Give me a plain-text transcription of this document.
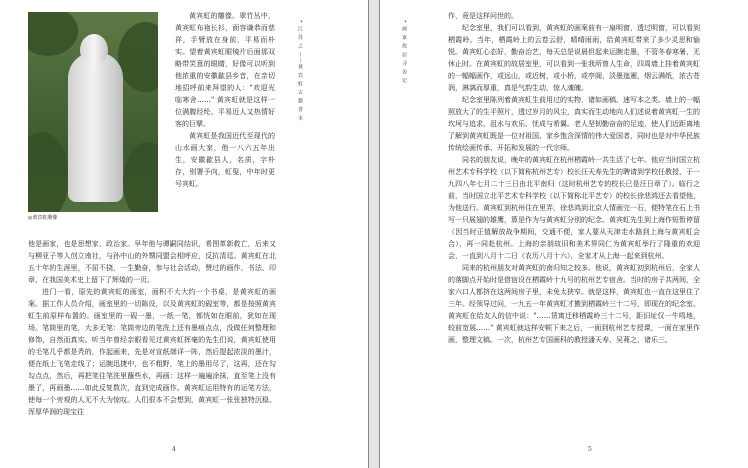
◎黄宾虹雕像

黄宾虹的雕像。翠竹丛中，黄宾虹布袍长衫，面容谦恭而慈祥，手臂放在身前，平易而朴实。望着黄宾虹眼镜片后面那双略带笑意的眼睛，好像可以听到他浓重的安徽歙县乡音，在亲切地招呼前来拜望的人："欢迎光临寒舍……" 黄宾虹就是这样一位满腹经纶、平易近人又热情好客的巨擘。

黄宾虹是我国近代至现代的山水画大家，他一八六五年出生，安徽歙县人，名质，字朴存，别署予向，虹叟，中年时更号宾虹。

他是画家，也是思想家、政治家。早年他与谭嗣同结识，希图革新救亡，后来又与柳亚子等人创立南社，与孙中山的外甥同盟会相呼应，反抗清廷。黄宾虹在北五十年的生涯里，不屈不挠，一生勤奋，参与社会活动，赞过的画作、书法、印章，在我国美术史上留下了辉煌的一页。

进门一看，原先的黄宾虹的画室，面积不大大约一个书桌，是黄宾虹的画案。据工作人员介绍，画室里的一切陈设，以及黄宾虹的砚室等，都是按照黄宾虹生前原样布置的。画室里的一砚一墨，一纸一笔，都恍如在眼前，犹如在现场。笔筒里的笔，大多无笔：笔筒旁边的笔洗上还有墨痕点点，没做任何整理和修饰，自然而真实。听当年曾经亲眼看见过黄宾虹挥毫的先生们说，黄宾虹使用的毛笔几乎都是秃的，作起画来，先是对宣纸端详一阵，然后提起浓淡的墨汁，便在纸上飞笔走线了；运腕迅捷中，也不粗野，笔上的墨用尽了，这再，还在勾勾点点，然后，再把笔往笔洗里蘸些水，再画：这样一遍遍涂抹，直至笔上没有墨了，再画墨……如此反复数次，直到完成画作。黄宾虹运用特有的运笔方法，使每一个旁观的人无不大为惊叹。人们很本不会想到，黄宾虹一张张独特沉稳、浑厚华润的现宝往

* 江 苏 之 ——黄 宾 虹 古 籍 善 本
4
* 画 家 故 居 寻 访 记

作，竟是这样问世的。

纪念室里，我们可以看到，黄宾虹的画案前有一扇明窗，透过明窗，可以看到栖霞岭。当年，栖霞岭上的云卷云舒，晴晴雨雨，给黄宾虹带来了多少灵思和愉悦。黄宾虹心态好，勤奋治艺，每天总是说晨但起来运腕走墨，不管冬春寒暑，无休止时。在黄宾虹的故居室里，可以看到一张我所曾人生命，四周墙上挂着黄宾虹的一幅幅画作，或远山，或近树，或小桥，或亭阁，淡墨迤逦，烟云满纸，浓古苍润，淋漓而厚重，真是气韵生动，惊人魂魄。

纪念室里陈列着黄宾虹生前用过的实物，诸如画稿、速写本之类。墙上的一幅照放大了的生平照片，透过岁月的风尘，真实而生动地向人们述说着黄宾虹一生的坎坷与追求、沮水与欢乐、忧成与希翼。老人坚韧勤奋奋的足迹，使人们近距离地了解到黄宾虹既是一位对祖国、家乡饱含深情的伟大爱国者，同时也是对中华民族传统绘画传承、开拓和发展的一代宗师。

同名的朋友说，晚年的黄宾虹在杭州栖霞岭一共生活了七年。他应当时国立杭州艺术专科学校（以下简称杭州艺专）校长汪天寿先生的聘请到学校任教授，于一九四八年七月二十三日由北平南归（这时杭州艺专的校长已是汪日章了）。临行之前，当时国立北平艺术专科学校（以下简称北平艺专）的校长徐悲鸿还去看望他，为他送行。黄宾虹到杭州住在里弄，徐悲鸿到北京人情画完一石，便特笔在石上书写一只展翅的雄鹰，算是作为与黄宾虹分别的纪念。黄宾虹先生到上海作短暂停留（因当时正值解放战争期间，交通不便，家人要从天津走水路到上海与黄宾虹会合），再一同赴杭州。上海的亲朋故旧和美术界同仁为黄宾虹举行了隆重的欢迎会，一直到八月十二日（农历八月十六），全家才从上海一起来到杭州。

同来的杭州朋友对黄宾虹的南归知之较多。他说，黄宾虹初到杭州后，全家人的落脚点开始时是借宿设在栖霞岭十九号的杭州艺专宿舍。当时的房子共两间，全家六口人都挤在这两间房子里，未免太狭窄。就是这样，黄宾虹也一直在这里住了三年。经领导过问，一九五一年黄宾虹才搬到栖霞岭三十二号，即现在的纪念室。黄宾虹在给友人的信中说："……赁寓迁移栖霞岭三十二号，距旧址仅一牛鸣地，较前宽展……" 黄宾虹就这样安顿下来之后，一面到杭州艺专授课，一面在家里作画，整理文稿。一次，杭州艺专国画科的教授潘天寿、吴茀之、诸乐三、

5
